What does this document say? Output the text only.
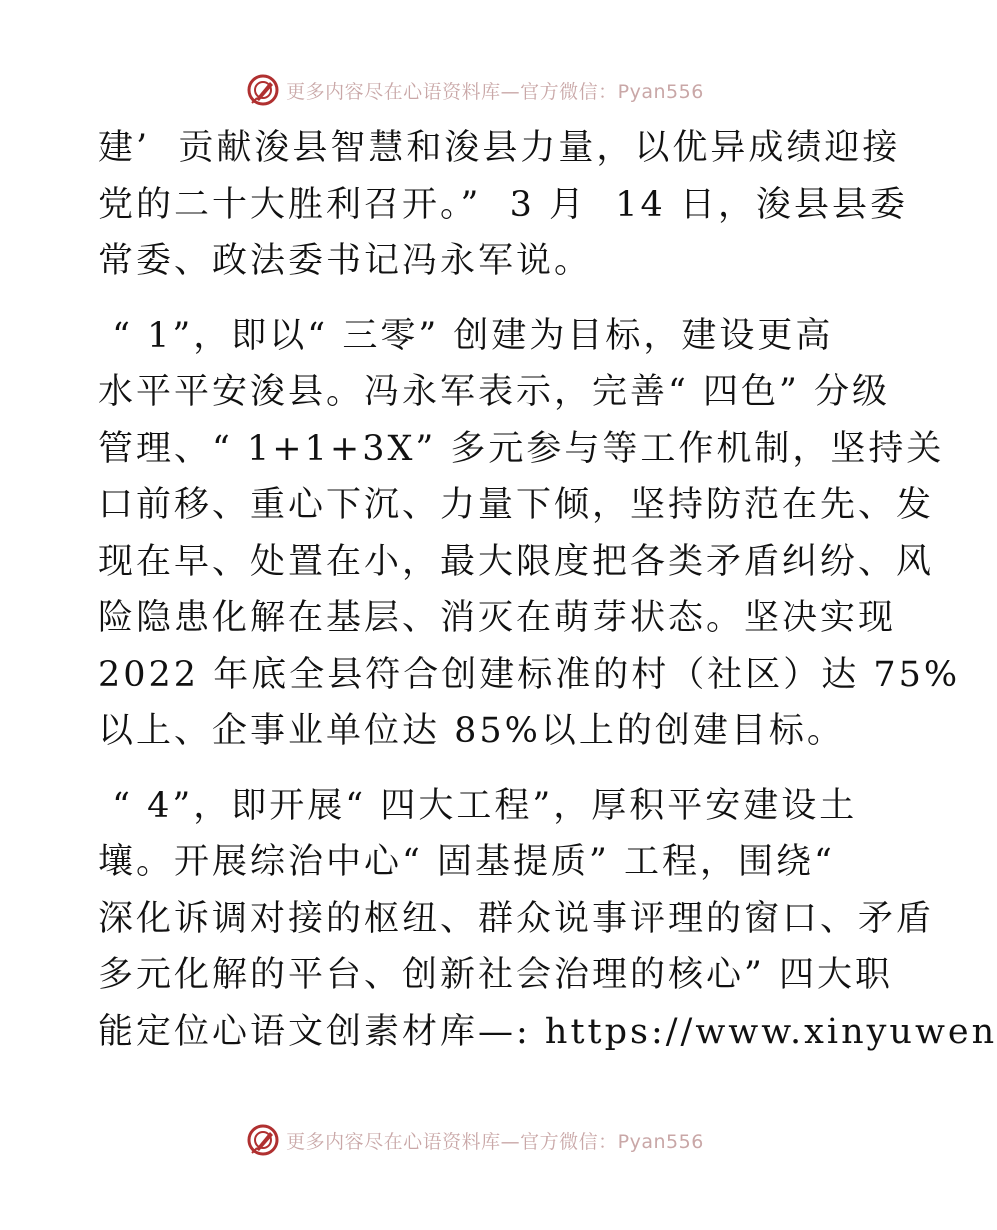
更多内容尽在心语资料库—官方微信：Pyan556
建’  贡献浚县智慧和浚县力量，以优异成绩迎接
党的二十大胜利召开。”  3 月  14 日，浚县县委
常委、政法委书记冯永军说。
“ 1”，即以“ 三零” 创建为目标，建设更高
水平平安浚县。冯永军表示，完善“ 四色” 分级
管理、“ 1+1+3X” 多元参与等工作机制，坚持关
口前移、重心下沉、力量下倾，坚持防范在先、发
现在早、处置在小，最大限度把各类矛盾纠纷、风
险隐患化解在基层、消灭在萌芽状态。坚决实现
2022 年底全县符合创建标准的村（社区）达 75%
以上、企事业单位达 85%以上的创建目标。
“ 4”，即开展“ 四大工程”，厚积平安建设土
壤。开展综治中心“ 固基提质” 工程，围绕“
深化诉调对接的枢纽、群众说事评理的窗口、矛盾
多元化解的平台、创新社会治理的核心” 四大职
能定位心语文创素材库—: https://www.xinyuwen
更多内容尽在心语资料库—官方微信：Pyan556
